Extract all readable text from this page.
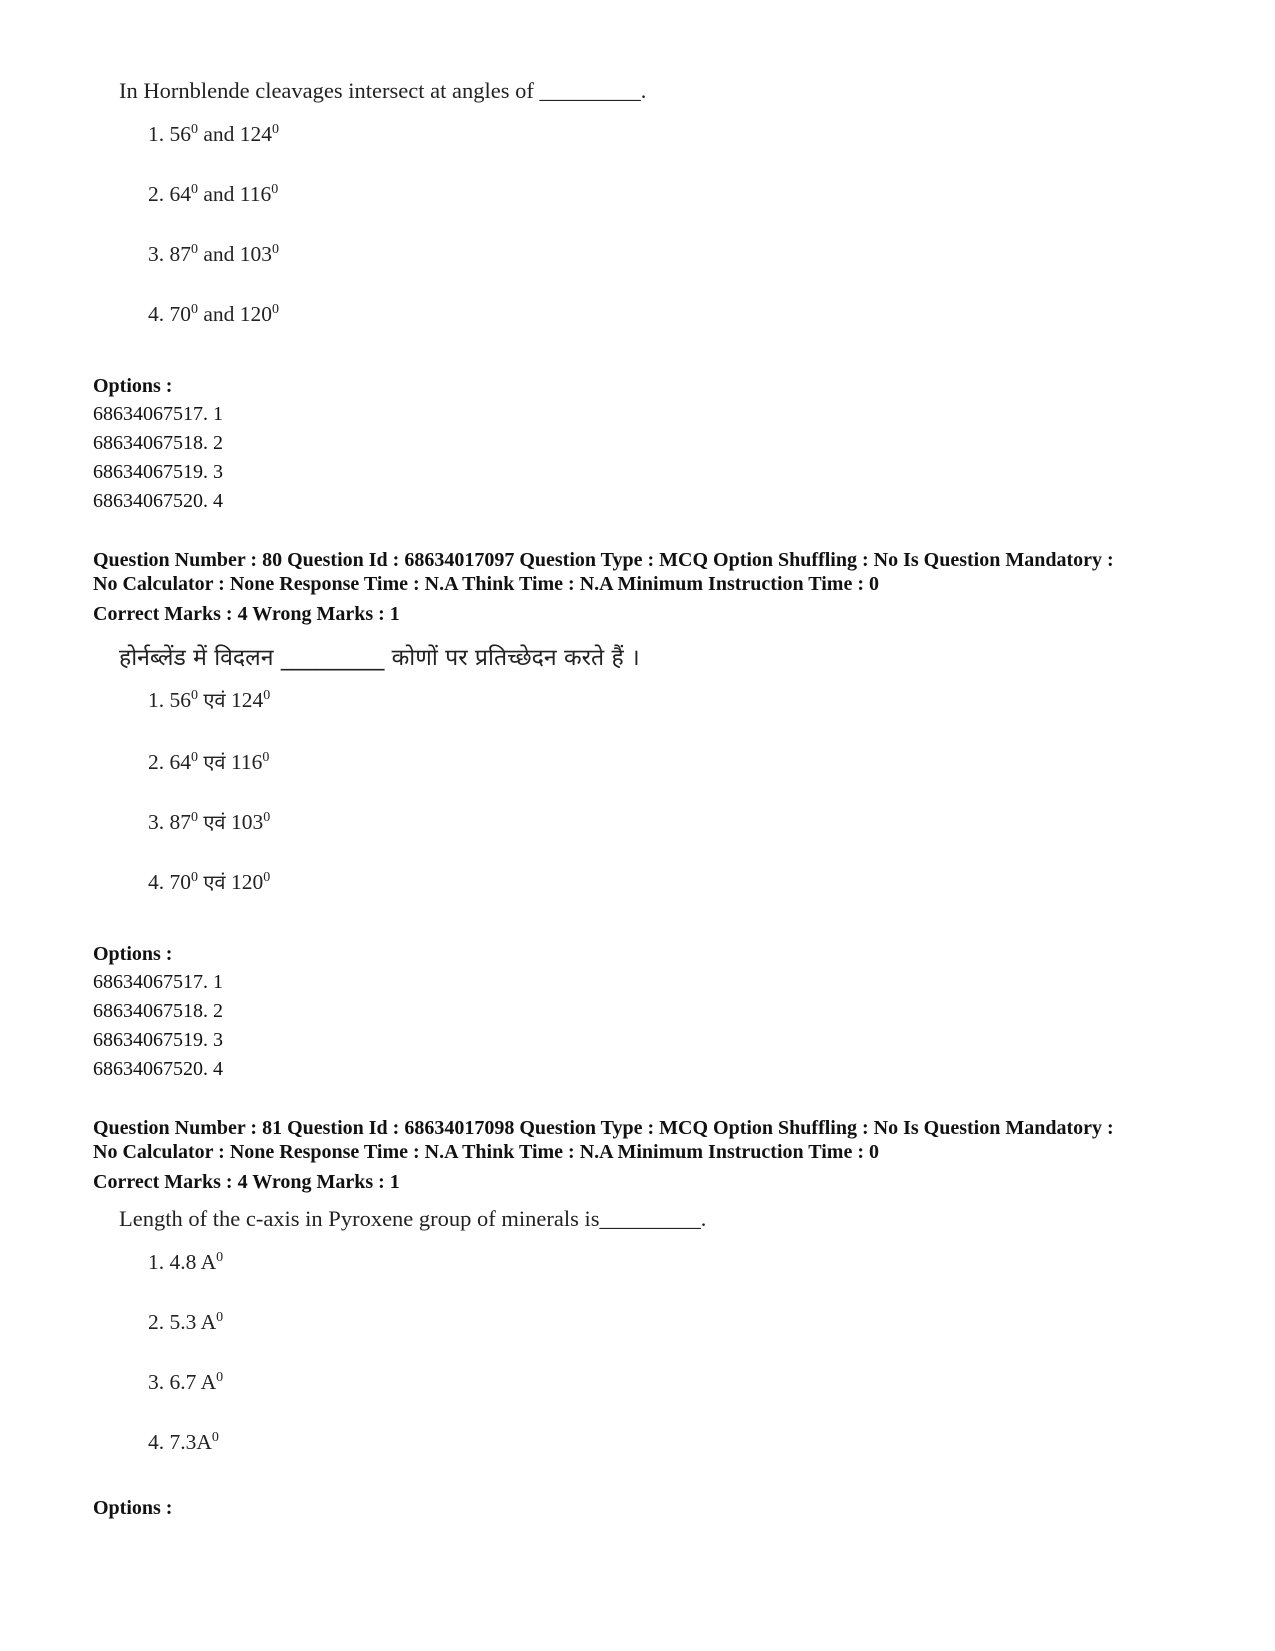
In Hornblende cleavages intersect at angles of _________.
1. $56^0$ and $124^0$
2. $64^0$ and $116^0$
3. $87^0$ and $103^0$
4. $70^0$ and $120^0$
Options :
68634067517. 1
68634067518. 2
68634067519. 3
68634067520. 4
Question Number : 80 Question Id : 68634017097 Question Type : MCQ Option Shuffling : No Is Question Mandatory :
No Calculator : None Response Time : N.A Think Time : N.A Minimum Instruction Time : 0
Correct Marks : 4 Wrong Marks : 1
होर्नब्लेंड में विदलन _________ कोणों पर प्रतिच्छेदन करते हैं ।
1. $56^0$ एवं $124^0$
2. $64^0$ एवं $116^0$
3. $87^0$ एवं $103^0$
4. $70^0$ एवं $120^0$
Options :
68634067517. 1
68634067518. 2
68634067519. 3
68634067520. 4
Question Number : 81 Question Id : 68634017098 Question Type : MCQ Option Shuffling : No Is Question Mandatory :
No Calculator : None Response Time : N.A Think Time : N.A Minimum Instruction Time : 0
Correct Marks : 4 Wrong Marks : 1
Length of the c-axis in Pyroxene group of minerals is_________.
1. 4.8 $A^0$
2. 5.3 $A^0$
3. 6.7 $A^0$
4. $7.3A^0$
Options :
